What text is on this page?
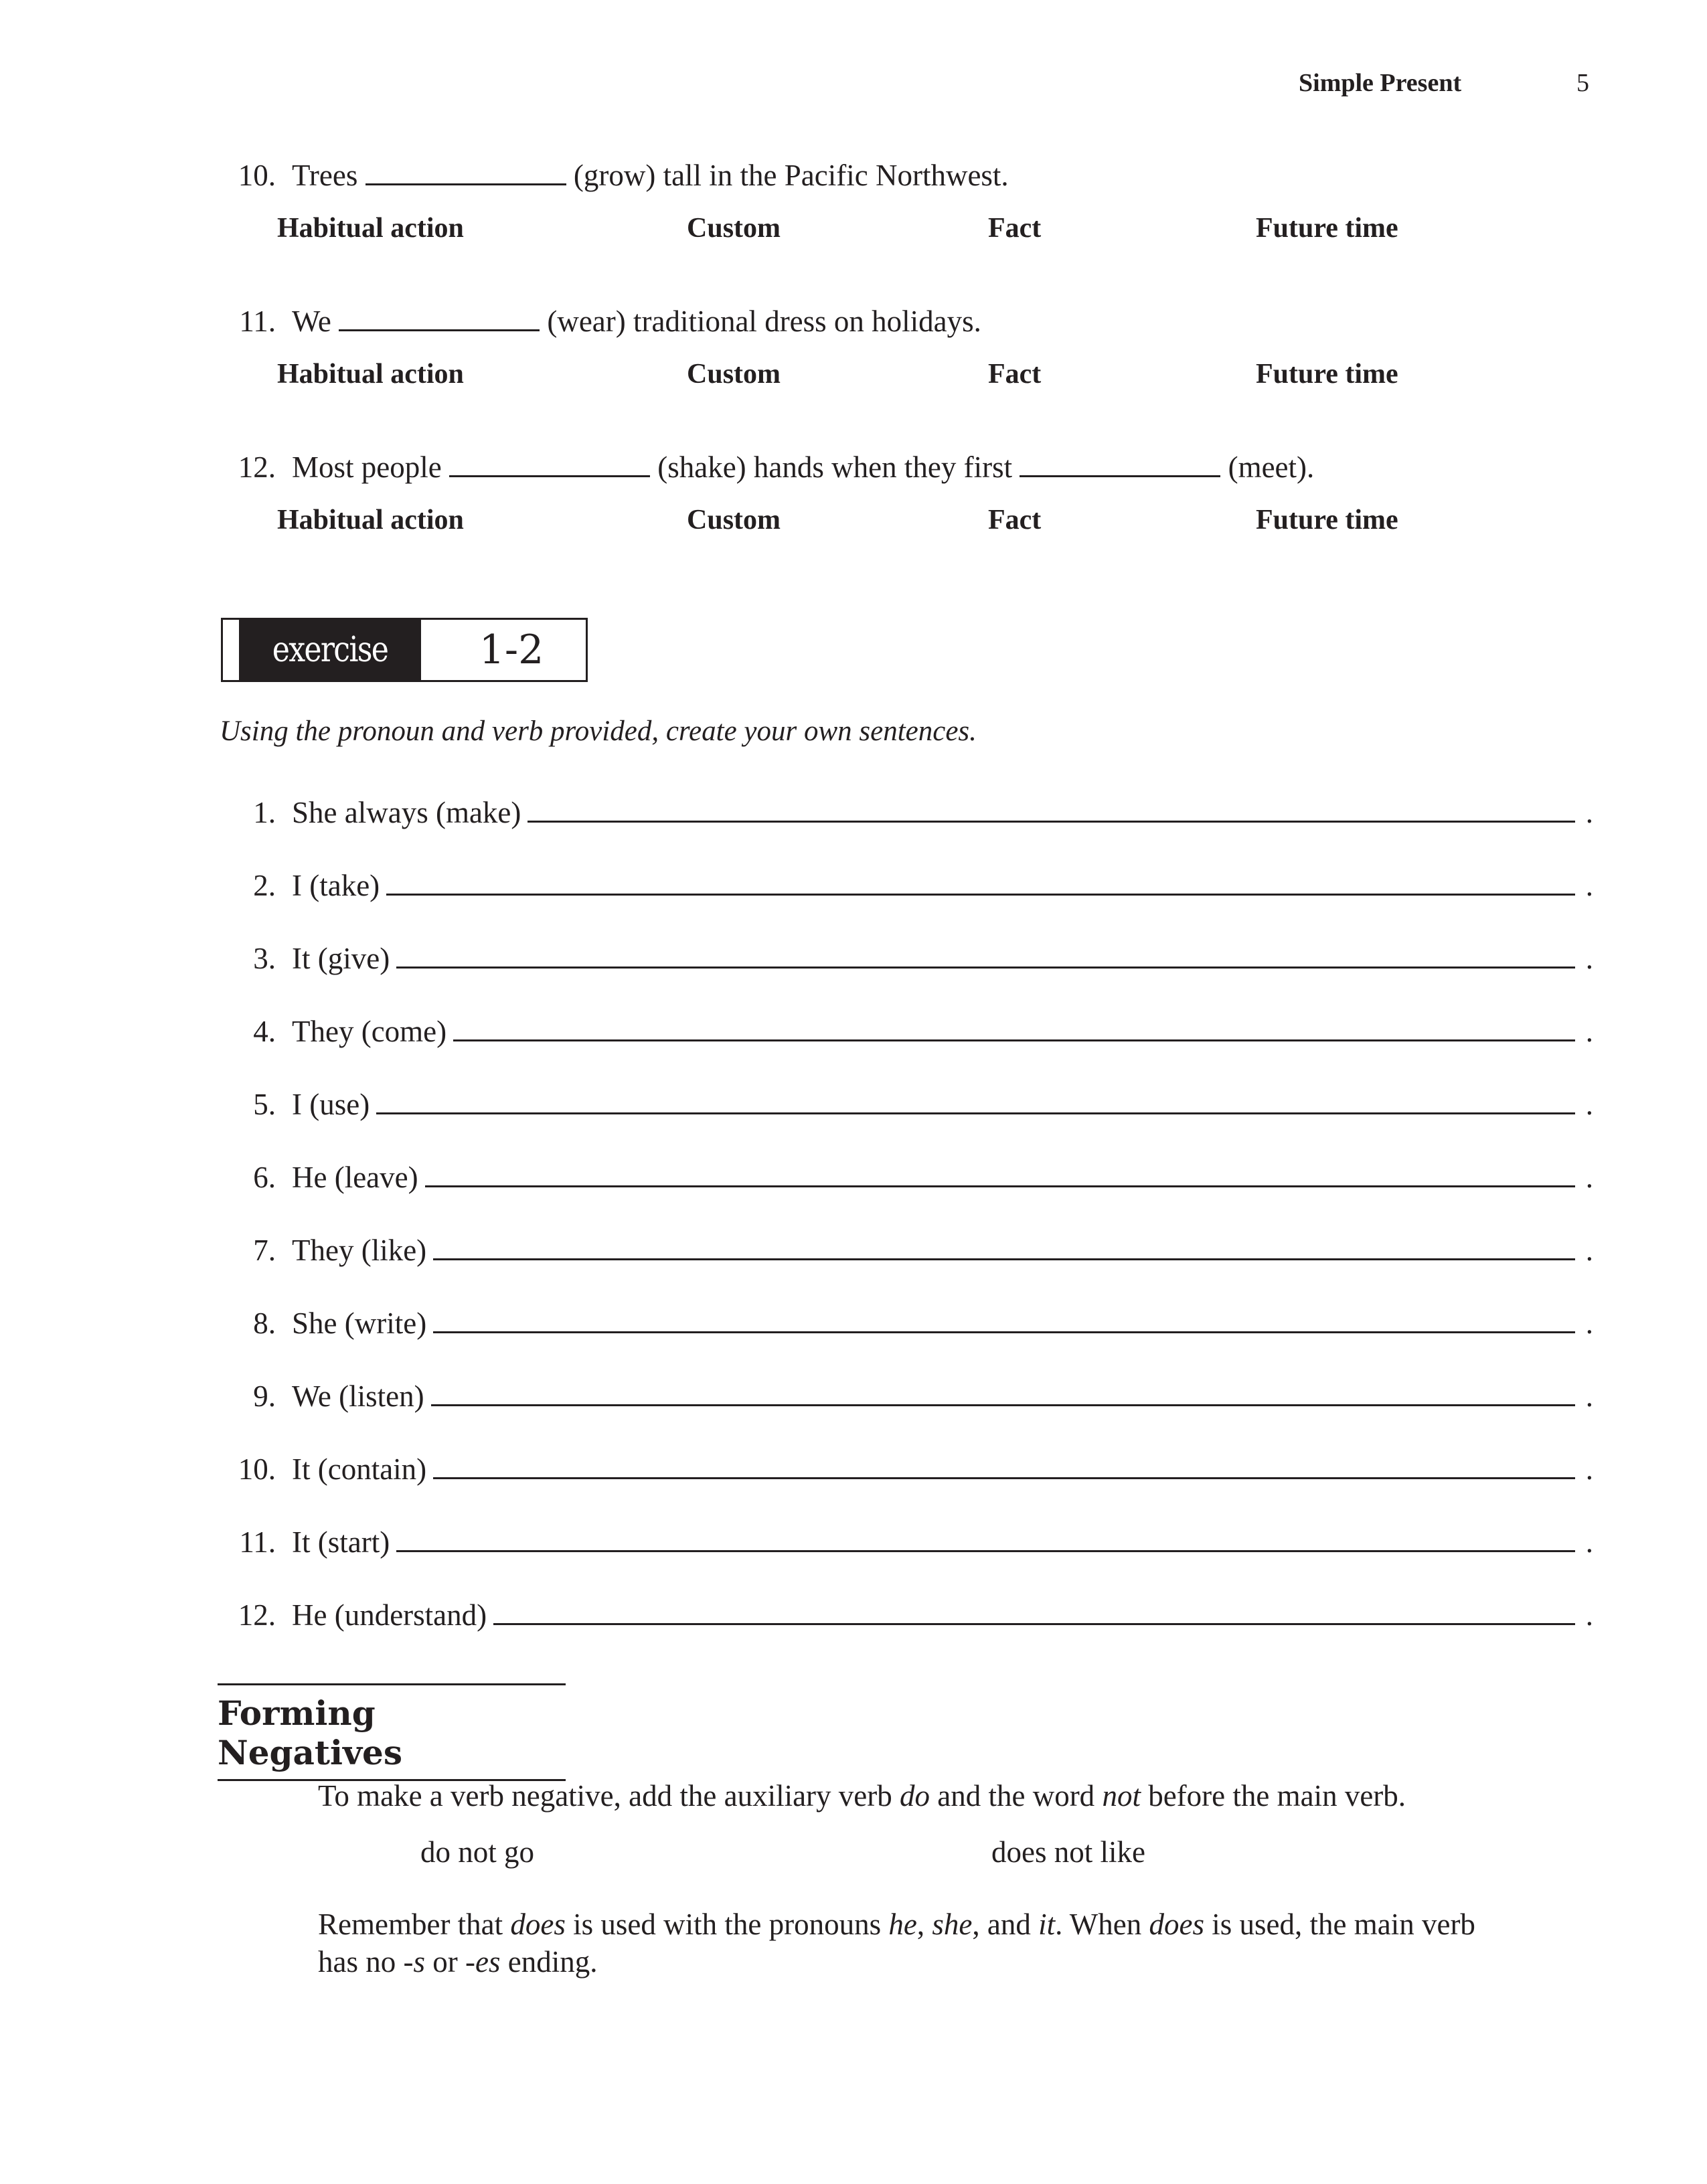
Simple Present	5
10. Trees	(grow) tall in the Pacific Northwest.
Habitual action	Custom	Fact	Future time
11. We	(wear) traditional dress on holidays.
Habitual action	Custom	Fact	Future time
12. Most people	(shake) hands when they first	(meet).
Habitual action	Custom	Fact	Future time
exercise	1-2
Using the pronoun and verb provided, create your own sentences.
1. She always (make)	.
2. I (take)	.
3. It (give)	.
4. They (come)	.
5. I (use)	.
6. He (leave)	.
7. They (like)	.
8. She (write)	.
9. We (listen)	.
10. It (contain)	.
11. It (start)	.
12. He (understand)	.
Forming Negatives
To make a verb negative, add the auxiliary verb do and the word not before the main verb.
do not go	does not like
Remember that does is used with the pronouns he, she, and it. When does is used, the main verb
has no -s or -es ending.
